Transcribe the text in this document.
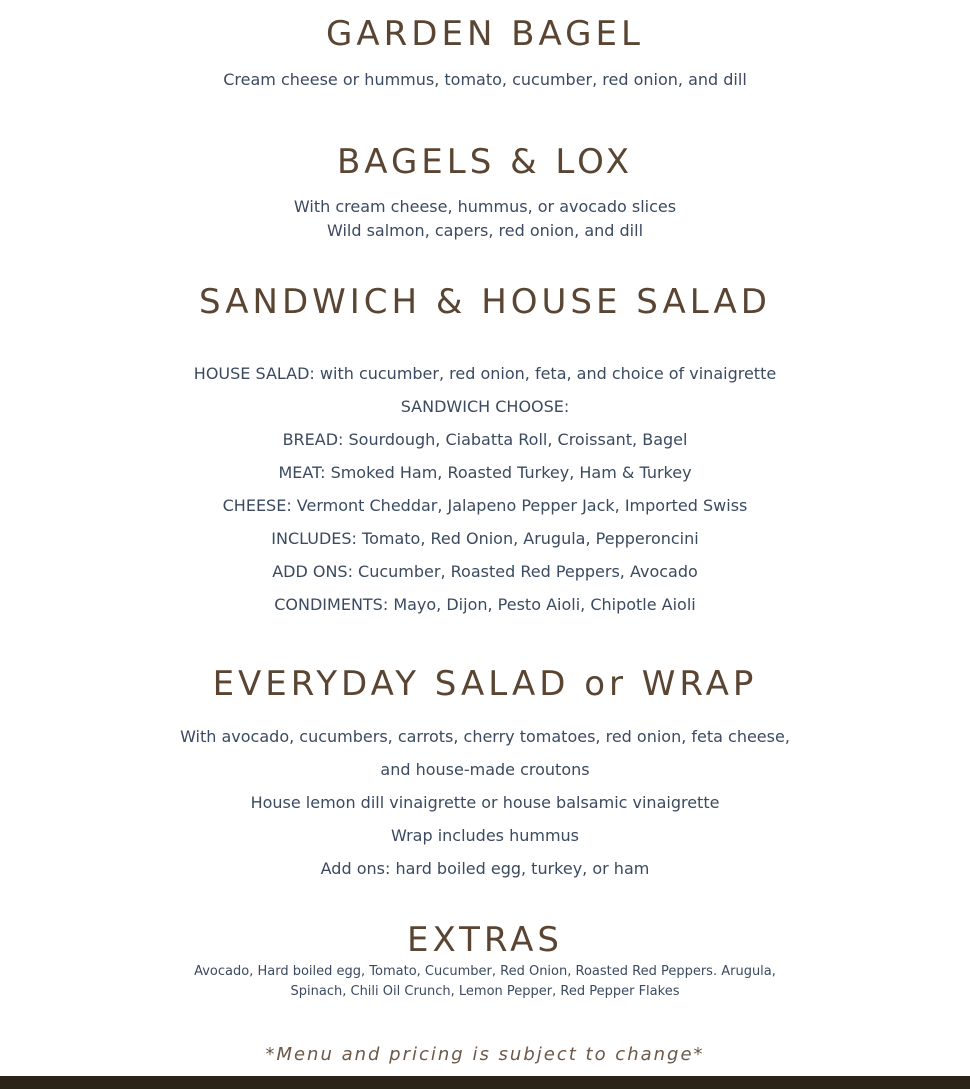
GARDEN BAGEL
Cream cheese or hummus, tomato, cucumber, red onion, and dill
BAGELS & LOX
With cream cheese, hummus, or avocado slices
Wild salmon, capers, red onion, and dill
SANDWICH & HOUSE SALAD
HOUSE SALAD: with cucumber, red onion, feta, and choice of vinaigrette
SANDWICH CHOOSE:
BREAD: Sourdough, Ciabatta Roll, Croissant, Bagel
MEAT: Smoked Ham, Roasted Turkey, Ham & Turkey
CHEESE: Vermont Cheddar, Jalapeno Pepper Jack, Imported Swiss
INCLUDES: Tomato, Red Onion, Arugula, Pepperoncini
ADD ONS: Cucumber, Roasted Red Peppers, Avocado
CONDIMENTS: Mayo, Dijon, Pesto Aioli, Chipotle Aioli
EVERYDAY SALAD or WRAP
With avocado, cucumbers, carrots, cherry tomatoes, red onion, feta cheese,
and house-made croutons
House lemon dill vinaigrette or house balsamic vinaigrette
Wrap includes hummus
Add ons: hard boiled egg, turkey, or ham
EXTRAS
Avocado, Hard boiled egg, Tomato, Cucumber, Red Onion, Roasted Red Peppers. Arugula,
Spinach, Chili Oil Crunch, Lemon Pepper, Red Pepper Flakes
*Menu and pricing is subject to change*
